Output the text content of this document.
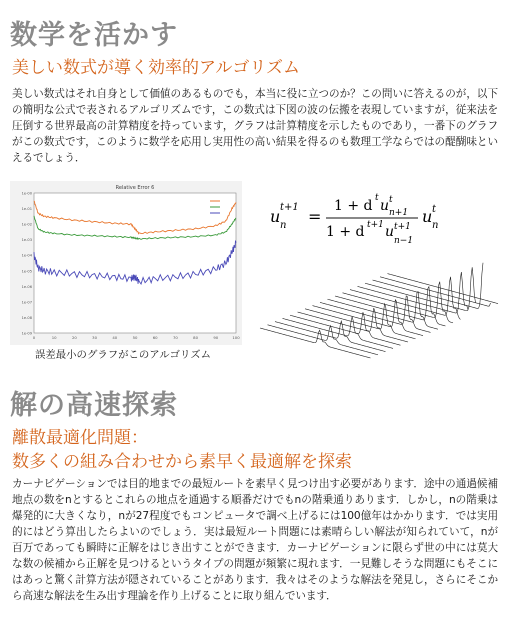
数学を活かす
美しい数式が導く効率的アルゴリズム
美しい数式はそれ自身として価値のあるものでも，本当に役に立つのか？この問いに答えるのが，以下の簡明な公式で表されるアルゴリズムです，この数式は下図の波の伝搬を表現していますが，従来法を圧倒する世界最高の計算精度を持っています，グラフは計算精度を示したものであり，一番下のグラフがこの数式です，このように数学を応用し実用性の高い結果を得るのも数理工学ならではの醍醐味といえるでしょう．
Relative Error 6
1e-00
1e-01
1e-02
1e-03
1e-04
1e-05
1e-06
1e-07
1e-08
1e-09
0	10	20	30	40	50	60	70	80	90	100
誤差最小のグラフがこのアルゴリズム
u t+1
n =
1 + d t u t
n+1
1 + d t+1 u t+1
n−1
u t
n
解の高速探索
離散最適化問題：
数多くの組み合わせから素早く最適解を探索
カーナビゲーションでは目的地までの最短ルートを素早く見つけ出す必要があります．途中の通過候補地点の数をnとするとこれらの地点を通過する順番だけでもnの階乗通りあります．しかし，nの階乗は爆発的に大きくなり，nが27程度でもコンピュータで調べ上げるには100億年はかかります．では実用的にはどう算出したらよいのでしょう．実は最短ルート問題には素晴らしい解法が知られていて，nが百万であっても瞬時に正解をはじき出すことができます．カーナビゲーションに限らず世の中には莫大な数の候補から正解を見つけるというタイプの問題が頻繁に現れます．一見難しそうな問題にもそこにはあっと驚く計算方法が隠されていることがあります．我々はそのような解法を発見し，さらにそこから高速な解法を生み出す理論を作り上げることに取り組んでいます．
